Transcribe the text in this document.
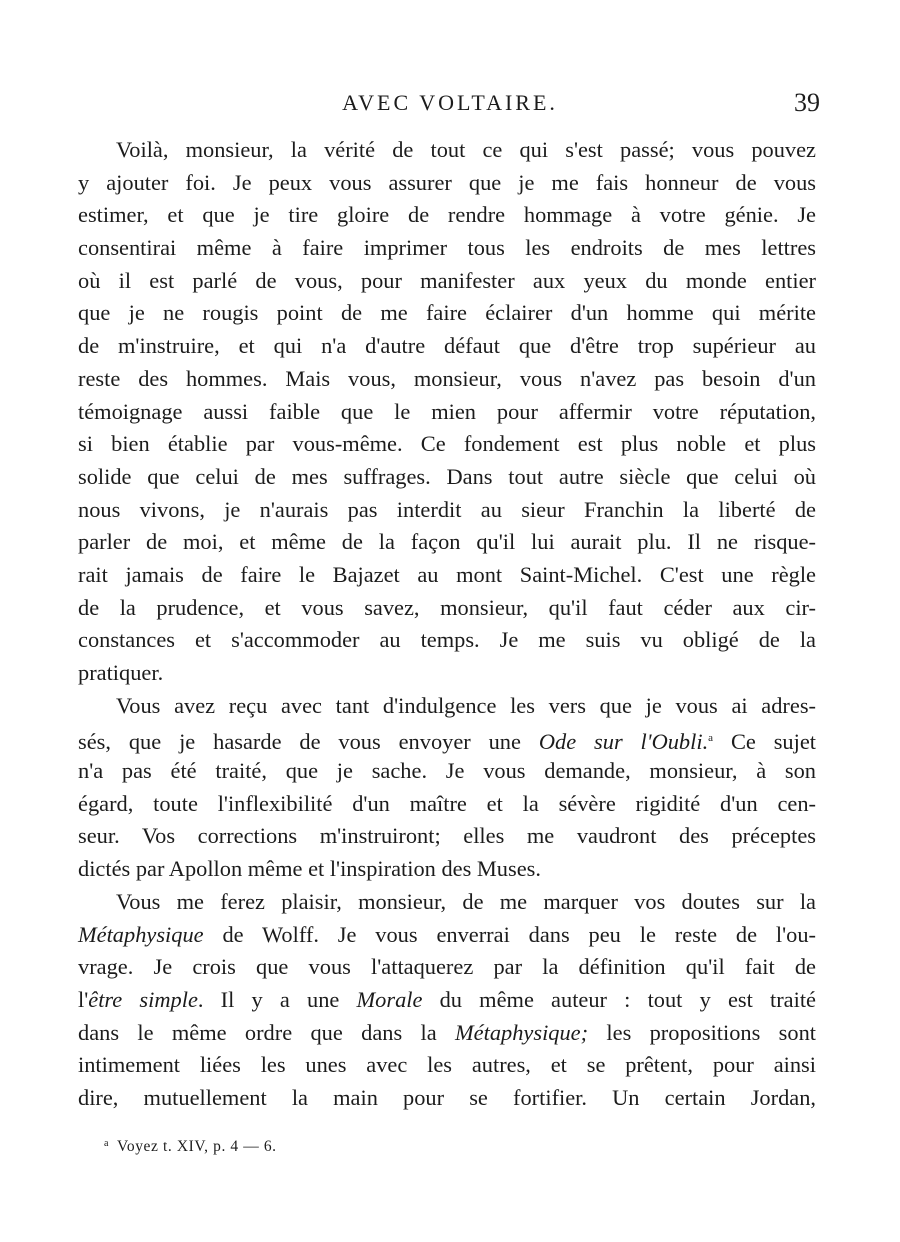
AVEC VOLTAIRE.	39
Voilà, monsieur, la vérité de tout ce qui s'est passé; vous pouvez
y ajouter foi. Je peux vous assurer que je me fais honneur de vous
estimer, et que je tire gloire de rendre hommage à votre génie. Je
consentirai même à faire imprimer tous les endroits de mes lettres
où il est parlé de vous, pour manifester aux yeux du monde entier
que je ne rougis point de me faire éclairer d'un homme qui mérite
de m'instruire, et qui n'a d'autre défaut que d'être trop supérieur au
reste des hommes. Mais vous, monsieur, vous n'avez pas besoin d'un
témoignage aussi faible que le mien pour affermir votre réputation,
si bien établie par vous-même. Ce fondement est plus noble et plus
solide que celui de mes suffrages. Dans tout autre siècle que celui où
nous vivons, je n'aurais pas interdit au sieur Franchin la liberté de
parler de moi, et même de la façon qu'il lui aurait plu. Il ne risque-
rait jamais de faire le Bajazet au mont Saint-Michel. C'est une règle
de la prudence, et vous savez, monsieur, qu'il faut céder aux cir-
constances et s'accommoder au temps. Je me suis vu obligé de la
pratiquer.
Vous avez reçu avec tant d'indulgence les vers que je vous ai adres-
sés, que je hasarde de vous envoyer une Ode sur l'Oubli.$^a$ Ce sujet
n'a pas été traité, que je sache. Je vous demande, monsieur, à son
égard, toute l'inflexibilité d'un maître et la sévère rigidité d'un cen-
seur. Vos corrections m'instruiront; elles me vaudront des préceptes
dictés par Apollon même et l'inspiration des Muses.
Vous me ferez plaisir, monsieur, de me marquer vos doutes sur la
Métaphysique de Wolff. Je vous enverrai dans peu le reste de l'ou-
vrage. Je crois que vous l'attaquerez par la définition qu'il fait de
l'être simple. Il y a une Morale du même auteur : tout y est traité
dans le même ordre que dans la Métaphysique; les propositions sont
intimement liées les unes avec les autres, et se prêtent, pour ainsi
dire, mutuellement la main pour se fortifier. Un certain Jordan,
$^a$ Voyez t. XIV, p. 4 — 6.
